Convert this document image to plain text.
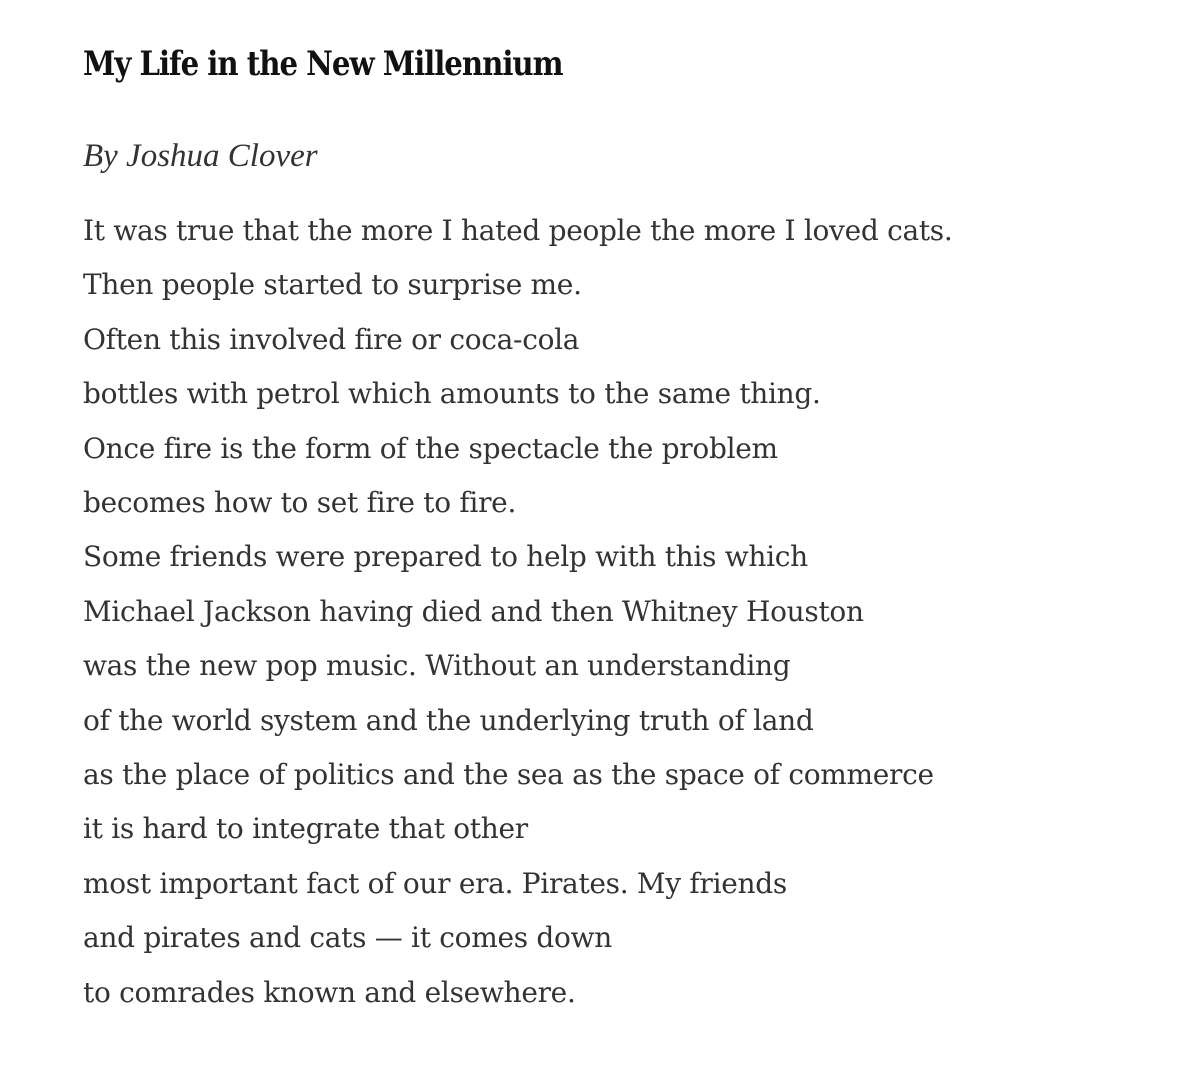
My Life in the New Millennium

By Joshua Clover

It was true that the more I hated people the more I loved cats.
Then people started to surprise me.
Often this involved fire or coca-cola
bottles with petrol which amounts to the same thing.
Once fire is the form of the spectacle the problem
becomes how to set fire to fire.
Some friends were prepared to help with this which
Michael Jackson having died and then Whitney Houston
was the new pop music. Without an understanding
of the world system and the underlying truth of land
as the place of politics and the sea as the space of commerce
it is hard to integrate that other
most important fact of our era. Pirates. My friends
and pirates and cats — it comes down
to comrades known and elsewhere.
